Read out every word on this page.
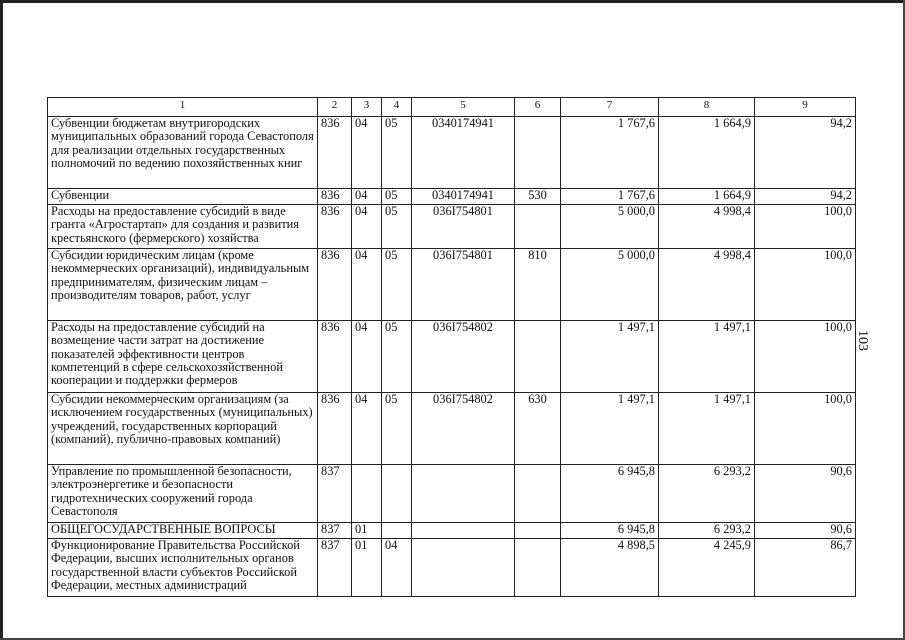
103
1	2	3	4	5	6	7	8	9
Субвенции бюджетам внутригородских муниципальных образований города Севастополя для реализации отдельных государственных полномочий по ведению похозяйственных книг	836	04	05	0340174941		1 767,6	1 664,9	94,2
Субвенции	836	04	05	0340174941	530	1 767,6	1 664,9	94,2
Расходы на предоставление субсидий в виде гранта «Агростартап» для создания и развития крестьянского (фермерского) хозяйства	836	04	05	036I754801		5 000,0	4 998,4	100,0
Субсидии юридическим лицам (кроме некоммерческих организаций), индивидуальным предпринимателям, физическим лицам – производителям товаров, работ, услуг	836	04	05	036I754801	810	5 000,0	4 998,4	100,0
Расходы на предоставление субсидий на возмещение части затрат на достижение показателей эффективности центров компетенций в сфере сельскохозяйственной кооперации и поддержки фермеров	836	04	05	036I754802		1 497,1	1 497,1	100,0
Субсидии некоммерческим организациям (за исключением государственных (муниципальных) учреждений, государственных корпораций (компаний), публично-правовых компаний)	836	04	05	036I754802	630	1 497,1	1 497,1	100,0
Управление по промышленной безопасности, электроэнергетике и безопасности гидротехнических сооружений города Севастополя	837					6 945,8	6 293,2	90,6
ОБЩЕГОСУДАРСТВЕННЫЕ ВОПРОСЫ	837	01				6 945,8	6 293,2	90,6
Функционирование Правительства Российской Федерации, высших исполнительных органов государственной власти субъектов Российской Федерации, местных администраций	837	01	04			4 898,5	4 245,9	86,7
